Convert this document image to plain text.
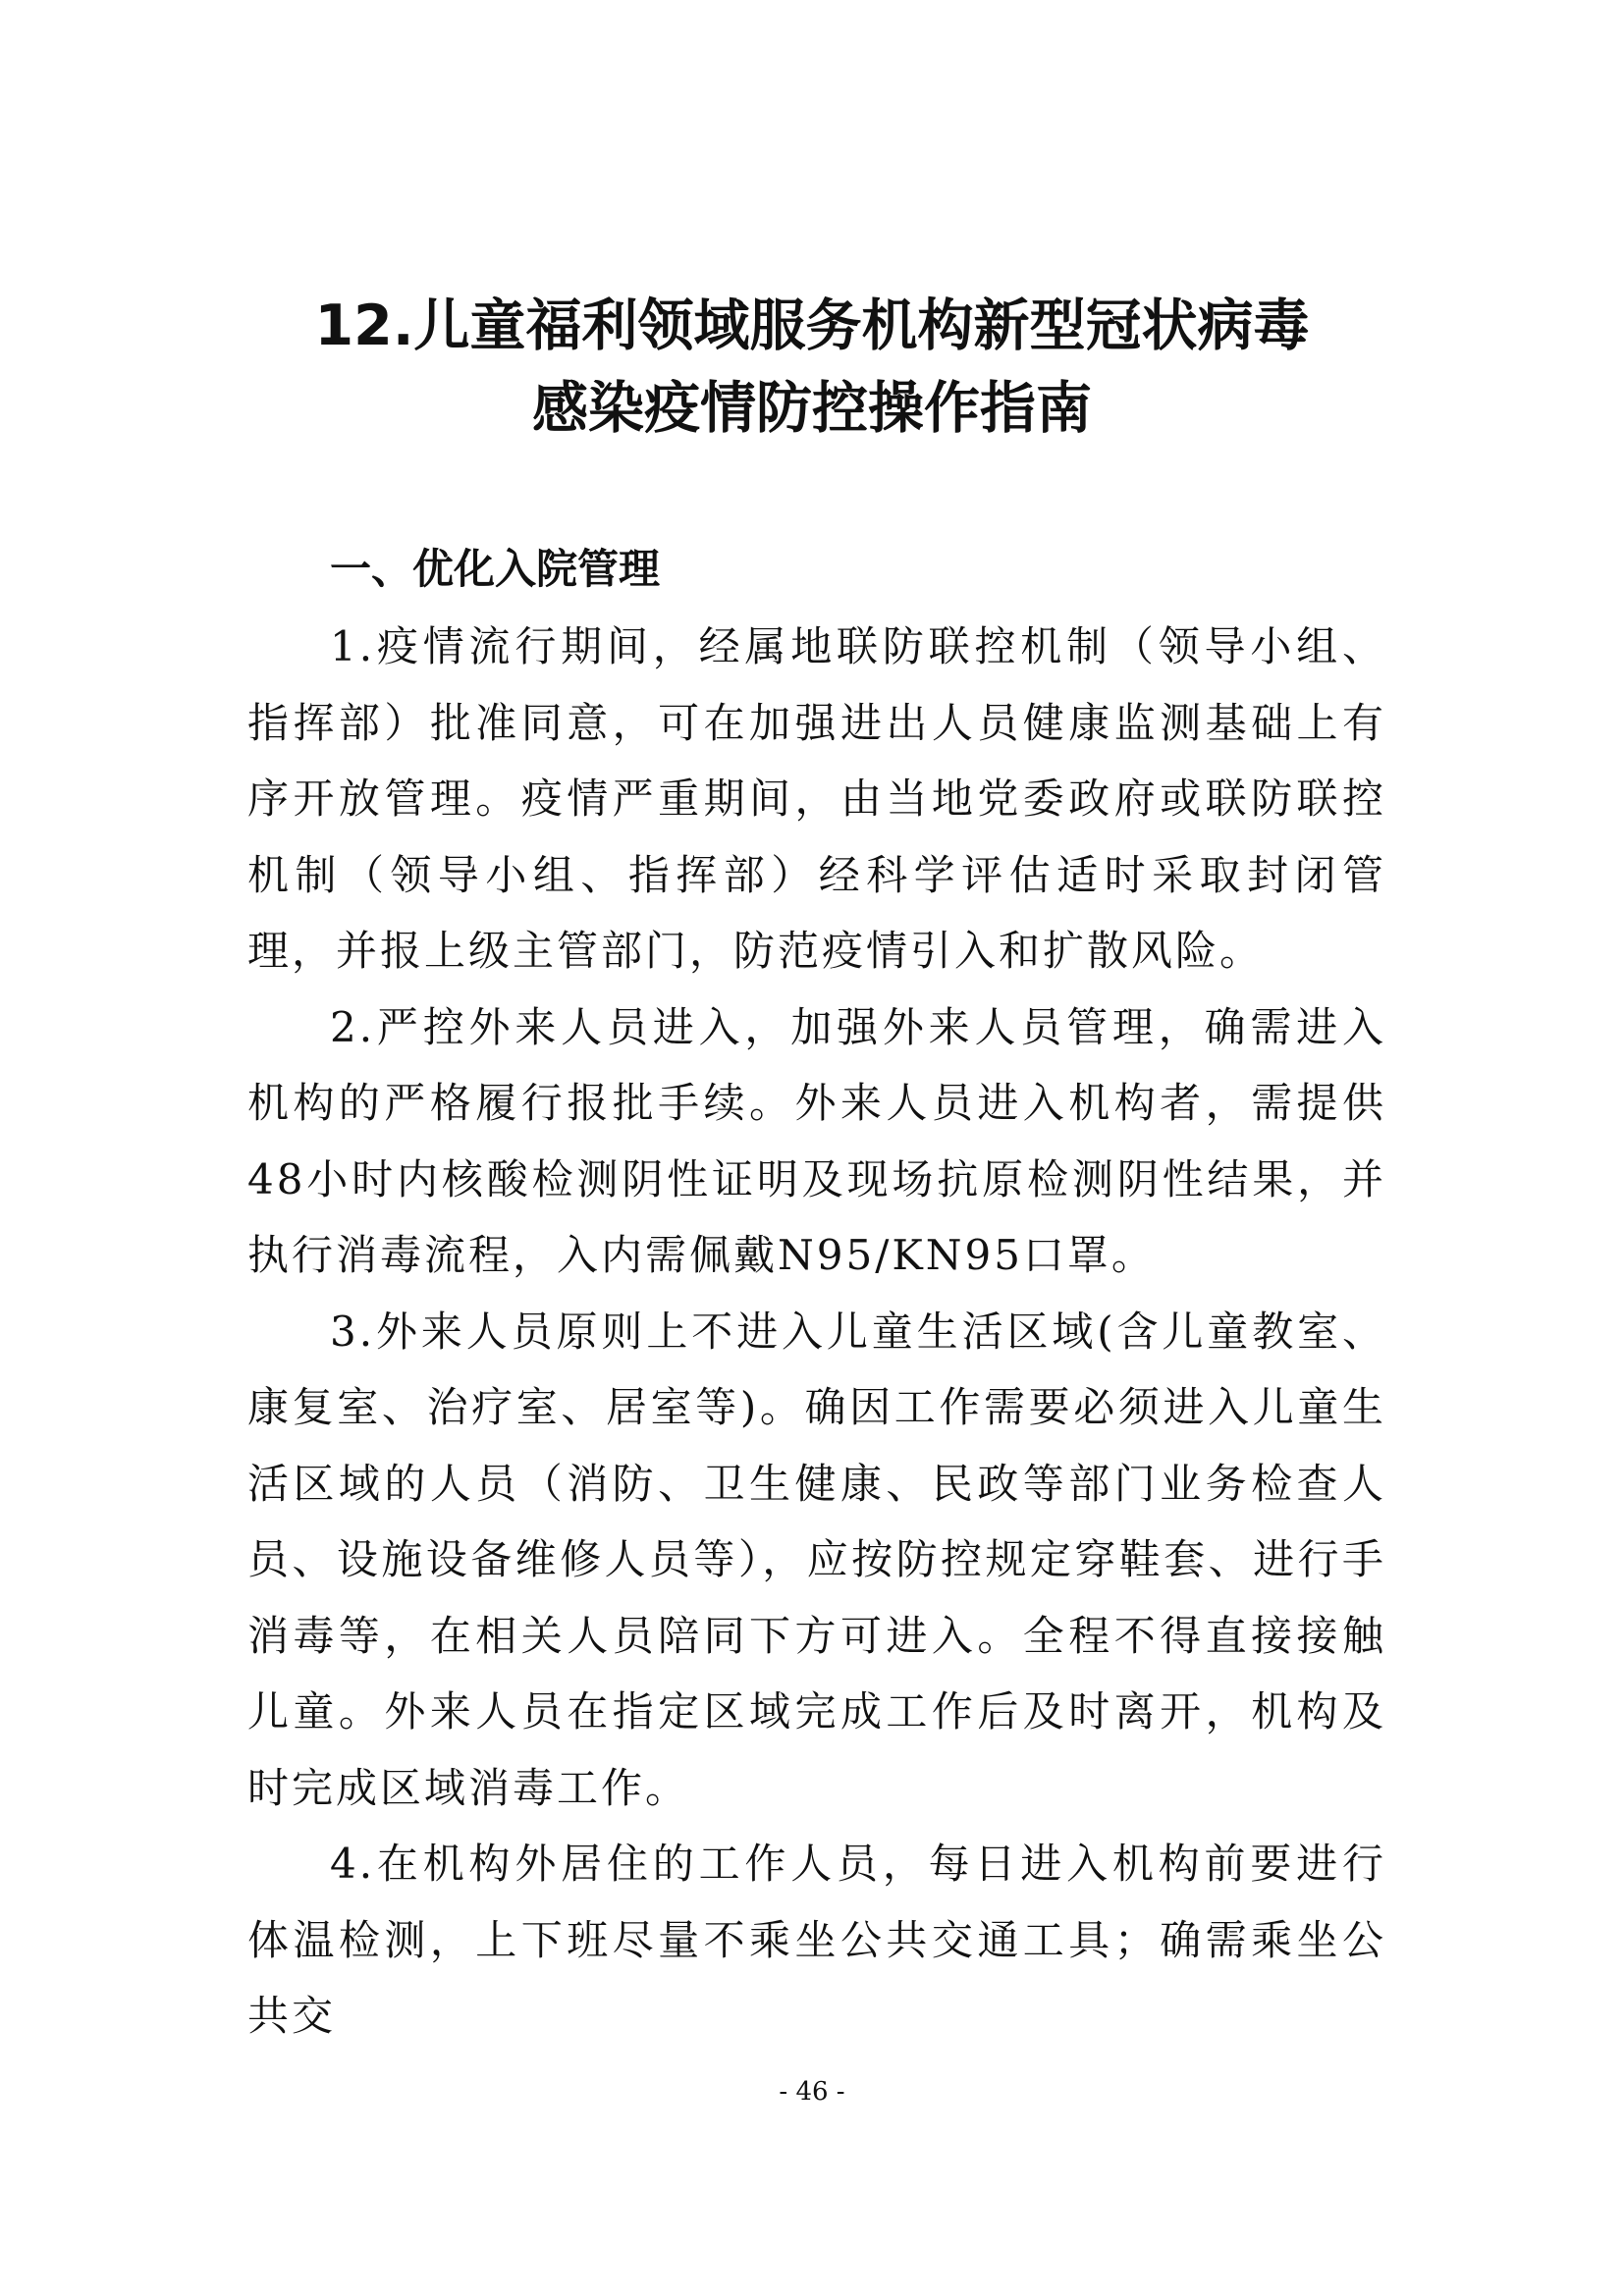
12.儿童福利领域服务机构新型冠状病毒
感染疫情防控操作指南
一、优化入院管理

1.疫情流行期间，经属地联防联控机制（领导小组、指挥部）批准同意，可在加强进出人员健康监测基础上有序开放管理。疫情严重期间，由当地党委政府或联防联控机制（领导小组、指挥部）经科学评估适时采取封闭管理，并报上级主管部门，防范疫情引入和扩散风险。

2.严控外来人员进入，加强外来人员管理，确需进入机构的严格履行报批手续。外来人员进入机构者，需提供48小时内核酸检测阴性证明及现场抗原检测阴性结果，并执行消毒流程，入内需佩戴N95/KN95口罩。

3.外来人员原则上不进入儿童生活区域(含儿童教室、康复室、治疗室、居室等)。确因工作需要必须进入儿童生活区域的人员（消防、卫生健康、民政等部门业务检查人员、设施设备维修人员等），应按防控规定穿鞋套、进行手消毒等，在相关人员陪同下方可进入。全程不得直接接触儿童。外来人员在指定区域完成工作后及时离开，机构及时完成区域消毒工作。

4.在机构外居住的工作人员，每日进入机构前要进行体温检测，上下班尽量不乘坐公共交通工具；确需乘坐公共交

- 46 -
